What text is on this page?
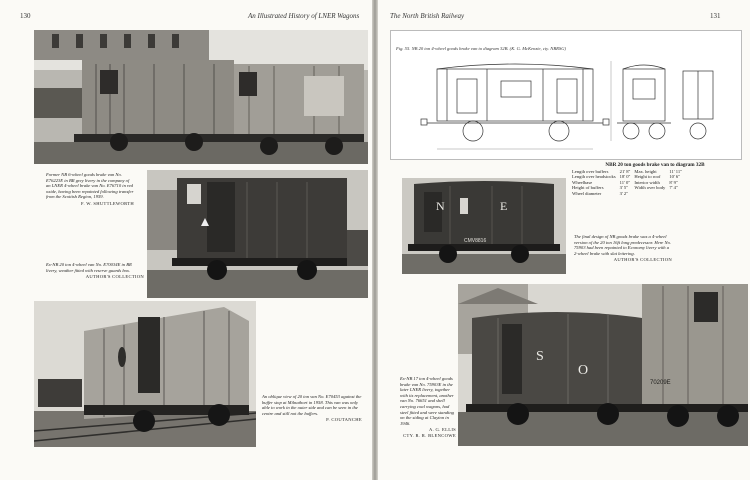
130	An Illustrated History of LNER Wagons
Former NB 6-wheel goods brake van No. E76223E in BR grey livery in the company of an LNER 4-wheel brake van No. E76710 in red oxide, having been repainted following transfer from the Scottish Region, 1959.
F. W. SHUTTLEWORTH
Ex-NB 20 ton 4-wheel van No. E70034E in BR livery, weather fitted with reserve guards box.
AUTHOR'S COLLECTION
An oblique view of 20 ton van No. E70453 against the buffer stop at Milnathort in 1958. This van was only able to work in the outer side and can be seen in the centre and still not the buffers.
P. COUTANCHE
The North British Railway	131
Fig. 55. NB 20 ton 4-wheel goods brake van to diagram 32B. (K. G. McKenzie, cty. NBRSG)
NBR 20 ton goods brake van to diagram 32B
Length over buffers	21' 8"	Max. height	11' 11"
Length over headstocks	18' 0"	Height to roof	10' 6"
Wheelbase	11' 0"	Interior width	8' 9"
Height of buffers	3' 5"	Width over body	7' 4"
Wheel diameter	3' 2"		
N	E
CMV8816
The final design of NB goods brake was a 4-wheel version of the 20 ton 16ft long predecessor. Here No. 75903 had been repainted to Economy livery with a 2-wheel brake with slat lettering.
AUTHOR'S COLLECTION
S
O
70209E
Ex-NB 17 ton 4-wheel goods brake van No. 75903E in the later LNER livery, together with its replacement, another van No. 76651 and shell carrying coal wagons, had steel fitted and were standing on the siding at Clayton in 1946.
A. G. ELLIS
CTY. R. R. BLENCOWE
